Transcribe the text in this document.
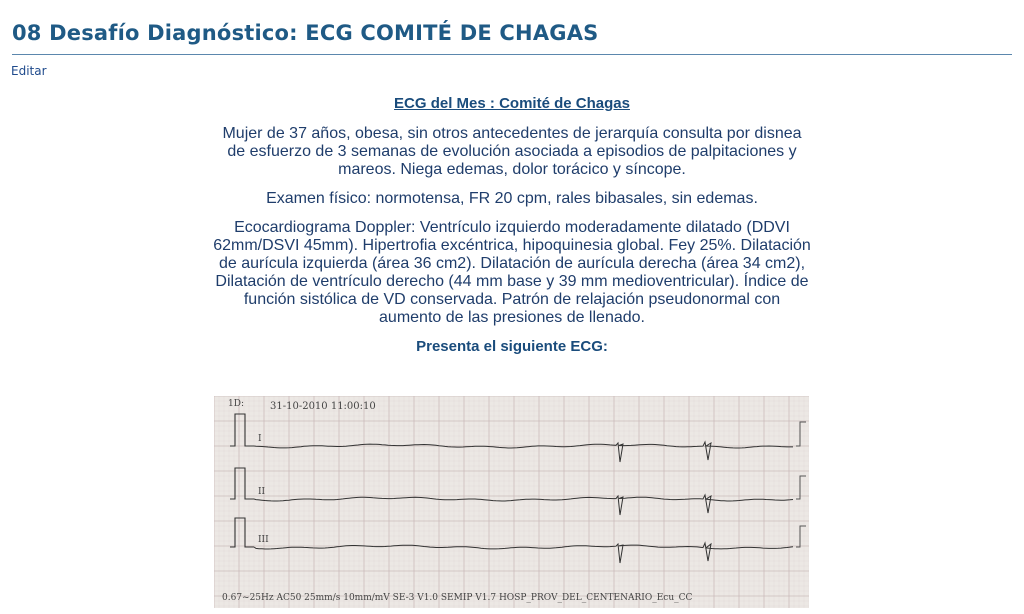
08 Desafío Diagnóstico: ECG COMITÉ DE CHAGAS
Editar
ECG del Mes : Comité de Chagas

Mujer de 37 años, obesa, sin otros antecedentes de jerarquía consulta por disnea de esfuerzo de 3 semanas de evolución asociada a episodios de palpitaciones y mareos. Niega edemas, dolor torácico y síncope.

Examen físico: normotensa, FR 20 cpm, rales bibasales, sin edemas.

Ecocardiograma Doppler: Ventrículo izquierdo moderadamente dilatado (DDVI 62mm/DSVI 45mm). Hipertrofia excéntrica, hipoquinesia global. Fey 25%. Dilatación de aurícula izquierda (área 36 cm2). Dilatación de aurícula derecha (área 34 cm2), Dilatación de ventrículo derecho (44 mm base y 39 mm medioventricular). Índice de función sistólica de VD conservada. Patrón de relajación pseudonormal con aumento de las presiones de llenado.

Presenta el siguiente ECG:

1D:	31-10-2010 11:00:10
I
II
III
0.67~25Hz AC50 25mm/s 10mm/mV SE-3 V1.0 SEMIP V1.7 HOSP_PROV_DEL_CENTENARIO_Ecu_CC
